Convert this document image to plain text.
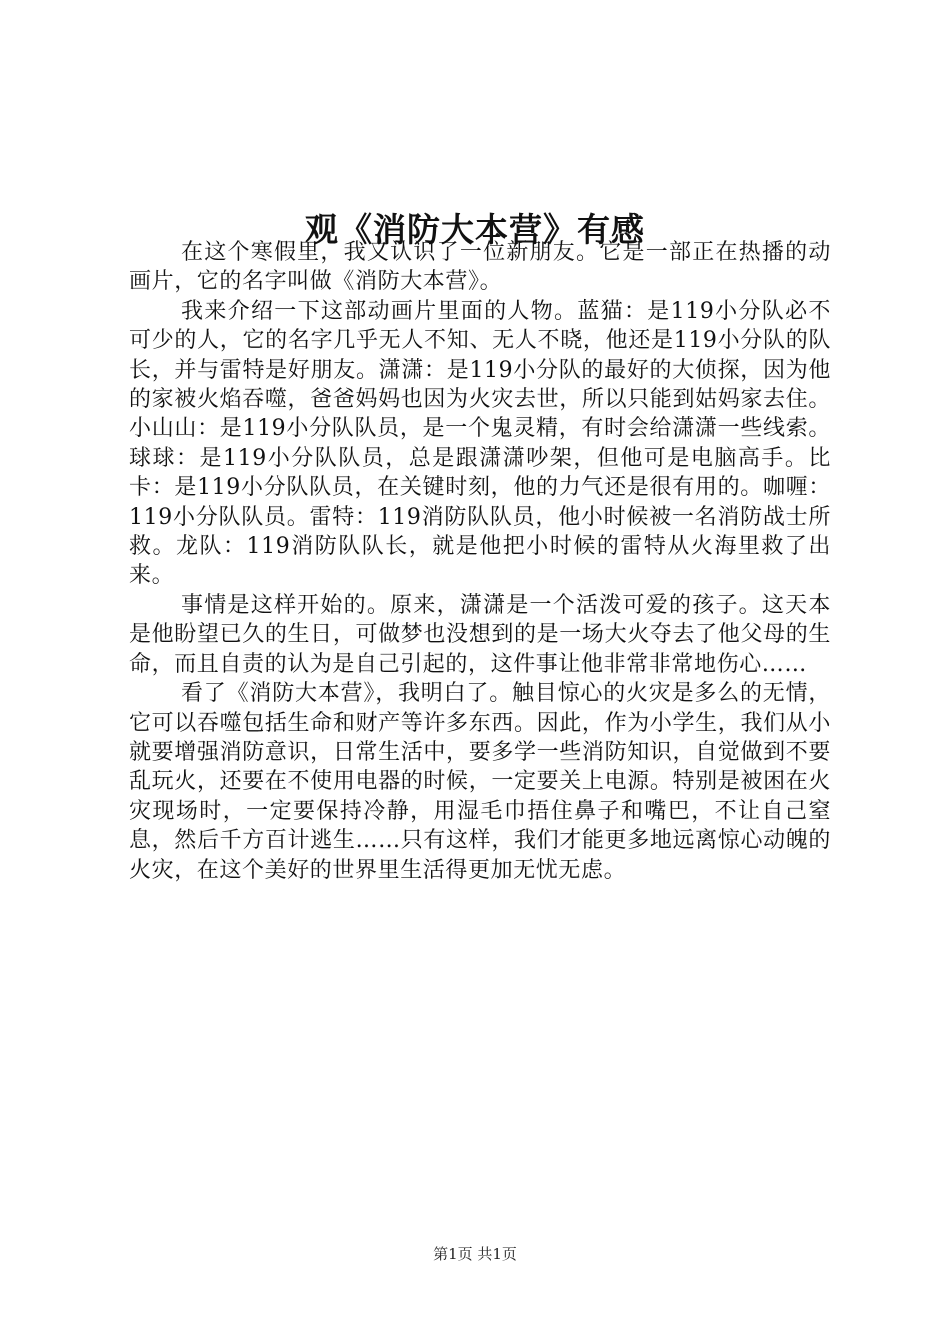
观《消防大本营》有感

在这个寒假里，我又认识了一位新朋友。它是一部正在热播的动画片，它的名字叫做《消防大本营》。

我来介绍一下这部动画片里面的人物。蓝猫：是119小分队必不可少的人，它的名字几乎无人不知、无人不晓，他还是119小分队的队长，并与雷特是好朋友。潇潇：是119小分队的最好的大侦探，因为他的家被火焰吞噬，爸爸妈妈也因为火灾去世，所以只能到姑妈家去住。小山山：是119小分队队员，是一个鬼灵精，有时会给潇潇一些线索。球球：是119小分队队员，总是跟潇潇吵架，但他可是电脑高手。比卡：是119小分队队员，在关键时刻，他的力气还是很有用的。咖喱：119小分队队员。雷特：119消防队队员，他小时候被一名消防战士所救。龙队：119消防队队长，就是他把小时候的雷特从火海里救了出来。

事情是这样开始的。原来，潇潇是一个活泼可爱的孩子。这天本是他盼望已久的生日，可做梦也没想到的是一场大火夺去了他父母的生命，而且自责的认为是自己引起的，这件事让他非常非常地伤心……

看了《消防大本营》，我明白了。触目惊心的火灾是多么的无情，它可以吞噬包括生命和财产等许多东西。因此，作为小学生，我们从小就要增强消防意识，日常生活中，要多学一些消防知识，自觉做到不要乱玩火，还要在不使用电器的时候，一定要关上电源。特别是被困在火灾现场时，一定要保持冷静，用湿毛巾捂住鼻子和嘴巴，不让自己窒息，然后千方百计逃生……只有这样，我们才能更多地远离惊心动魄的火灾，在这个美好的世界里生活得更加无忧无虑。

第1页 共1页
